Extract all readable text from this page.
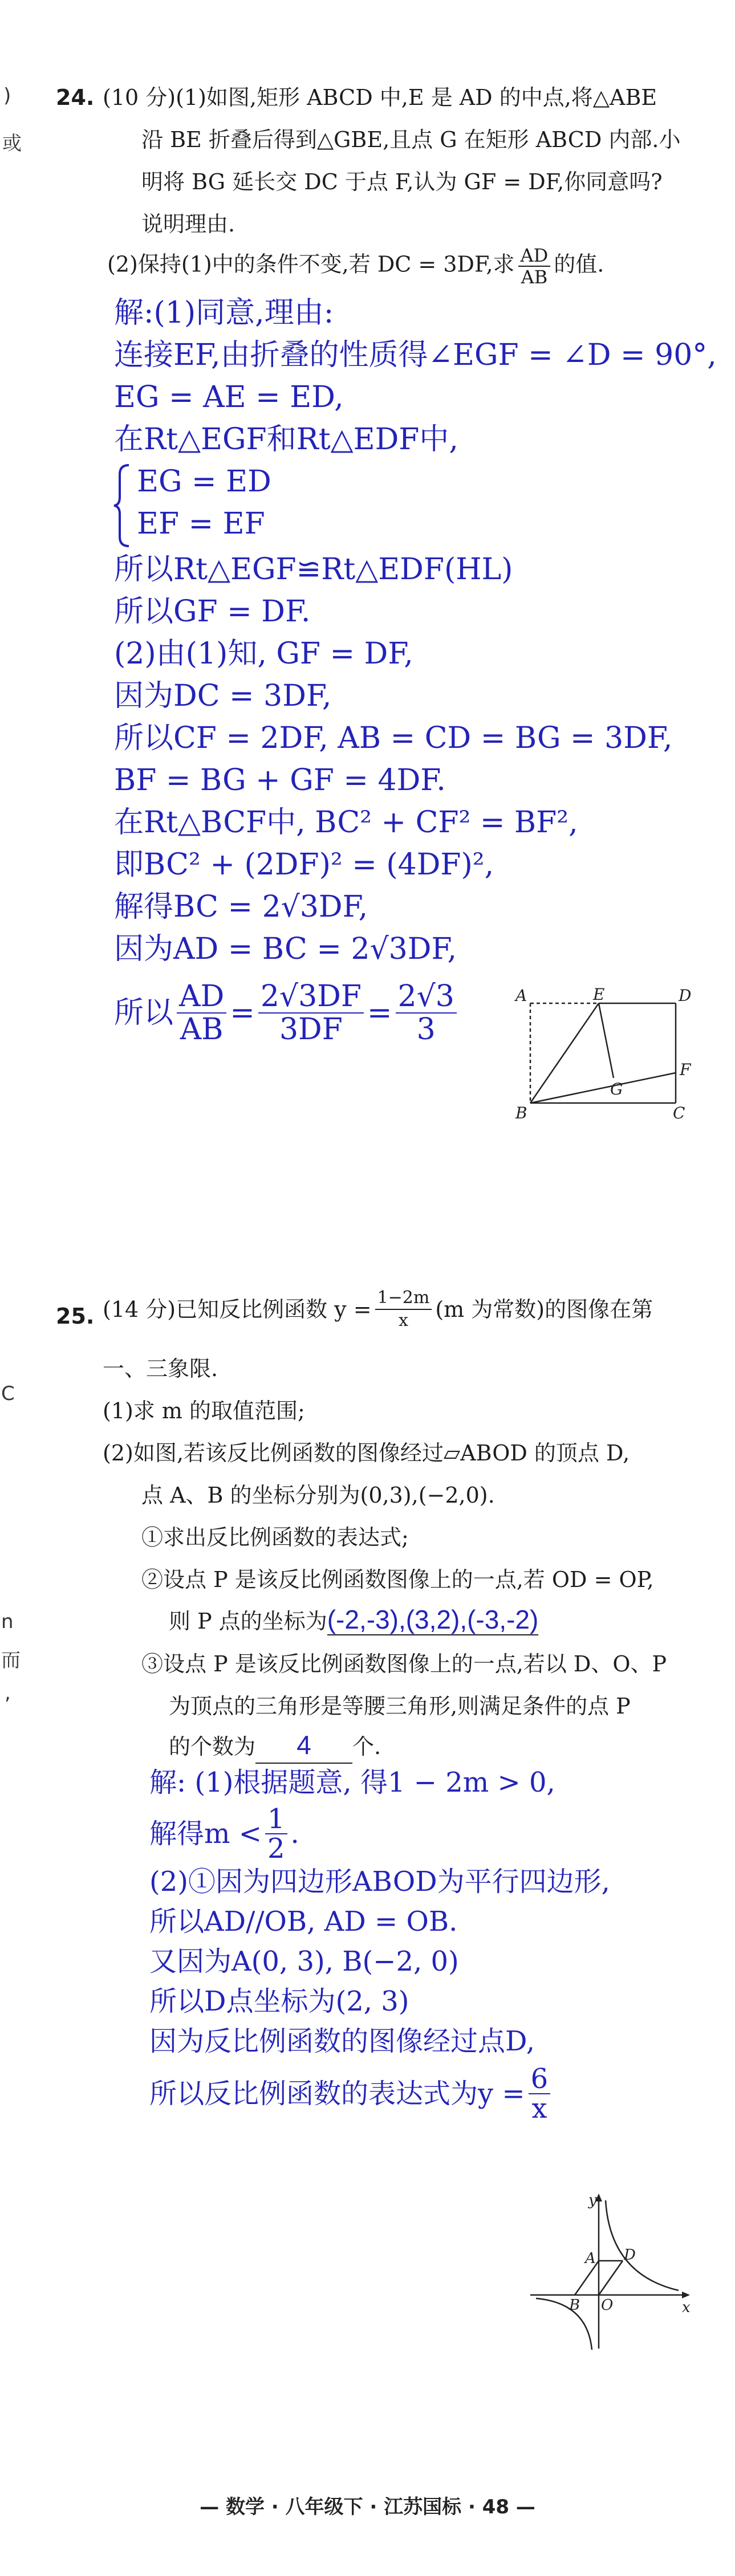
)
或
C
n
而
,
24. (10 分)(1)如图,矩形 ABCD 中,E 是 AD 的中点,将△ABE
沿 BE 折叠后得到△GBE,且点 G 在矩形 ABCD 内部.小
明将 BG 延长交 DC 于点 F,认为 GF = DF,你同意吗?
说明理由.
(2)保持(1)中的条件不变,若 DC = 3DF,求 $\frac{AD}{AB}$ 的值.
解:(1)同意,理由:
连接EF,由折叠的性质得∠EGF = ∠D = 90°,
EG = AE = ED,
在Rt△EGF和Rt△EDF中,
EG = ED
EF = EF
所以Rt△EGF≌Rt△EDF(HL)
所以GF = DF.
(2)由(1)知, GF = DF,
因为DC = 3DF,
所以CF = 2DF, AB = CD = BG = 3DF,
BF = BG + GF = 4DF.
在Rt△BCF中, BC² + CF² = BF²,
即BC² + (2DF)² = (4DF)²,
解得BC = 2√3DF,
因为AD = BC = 2√3DF,
所以 $\frac{AD}{AB} = \frac{2√3DF}{3DF} = \frac{2√3}{3}$	A	E	D
F
G
B	C
25. (14 分)已知反比例函数 $y = \frac{1-2m}{x} (m$ 为常数)的图像在第
一、三象限.
(1)求 m 的取值范围;
(2)如图,若该反比例函数的图像经过▱ABOD 的顶点 D,
点 A、B 的坐标分别为(0,3),(−2,0).
①求出反比例函数的表达式;
②设点 P 是该反比例函数图像上的一点,若 OD = OP,
则 P 点的坐标为(-2,-3),(3,2),(-3,-2)
③设点 P 是该反比例函数图像上的一点,若以 D、O、P
为顶点的三角形是等腰三角形,则满足条件的点 P
的个数为 4 个.
解: (1)根据题意, 得1 − 2m > 0,
解得$m < \frac{1}{2}$ .
(2)①因为四边形ABOD为平行四边形,
所以AD//OB, AD = OB.
又因为A(0, 3), B(−2, 0)
所以D点坐标为(2, 3)
因为反比例函数的图像经过点D,
所以反比例函数的表达式为$y = \frac{6}{x}$
y
x
A D
B O
— 数学 · 八年级下 · 江苏国标 · 48 —
